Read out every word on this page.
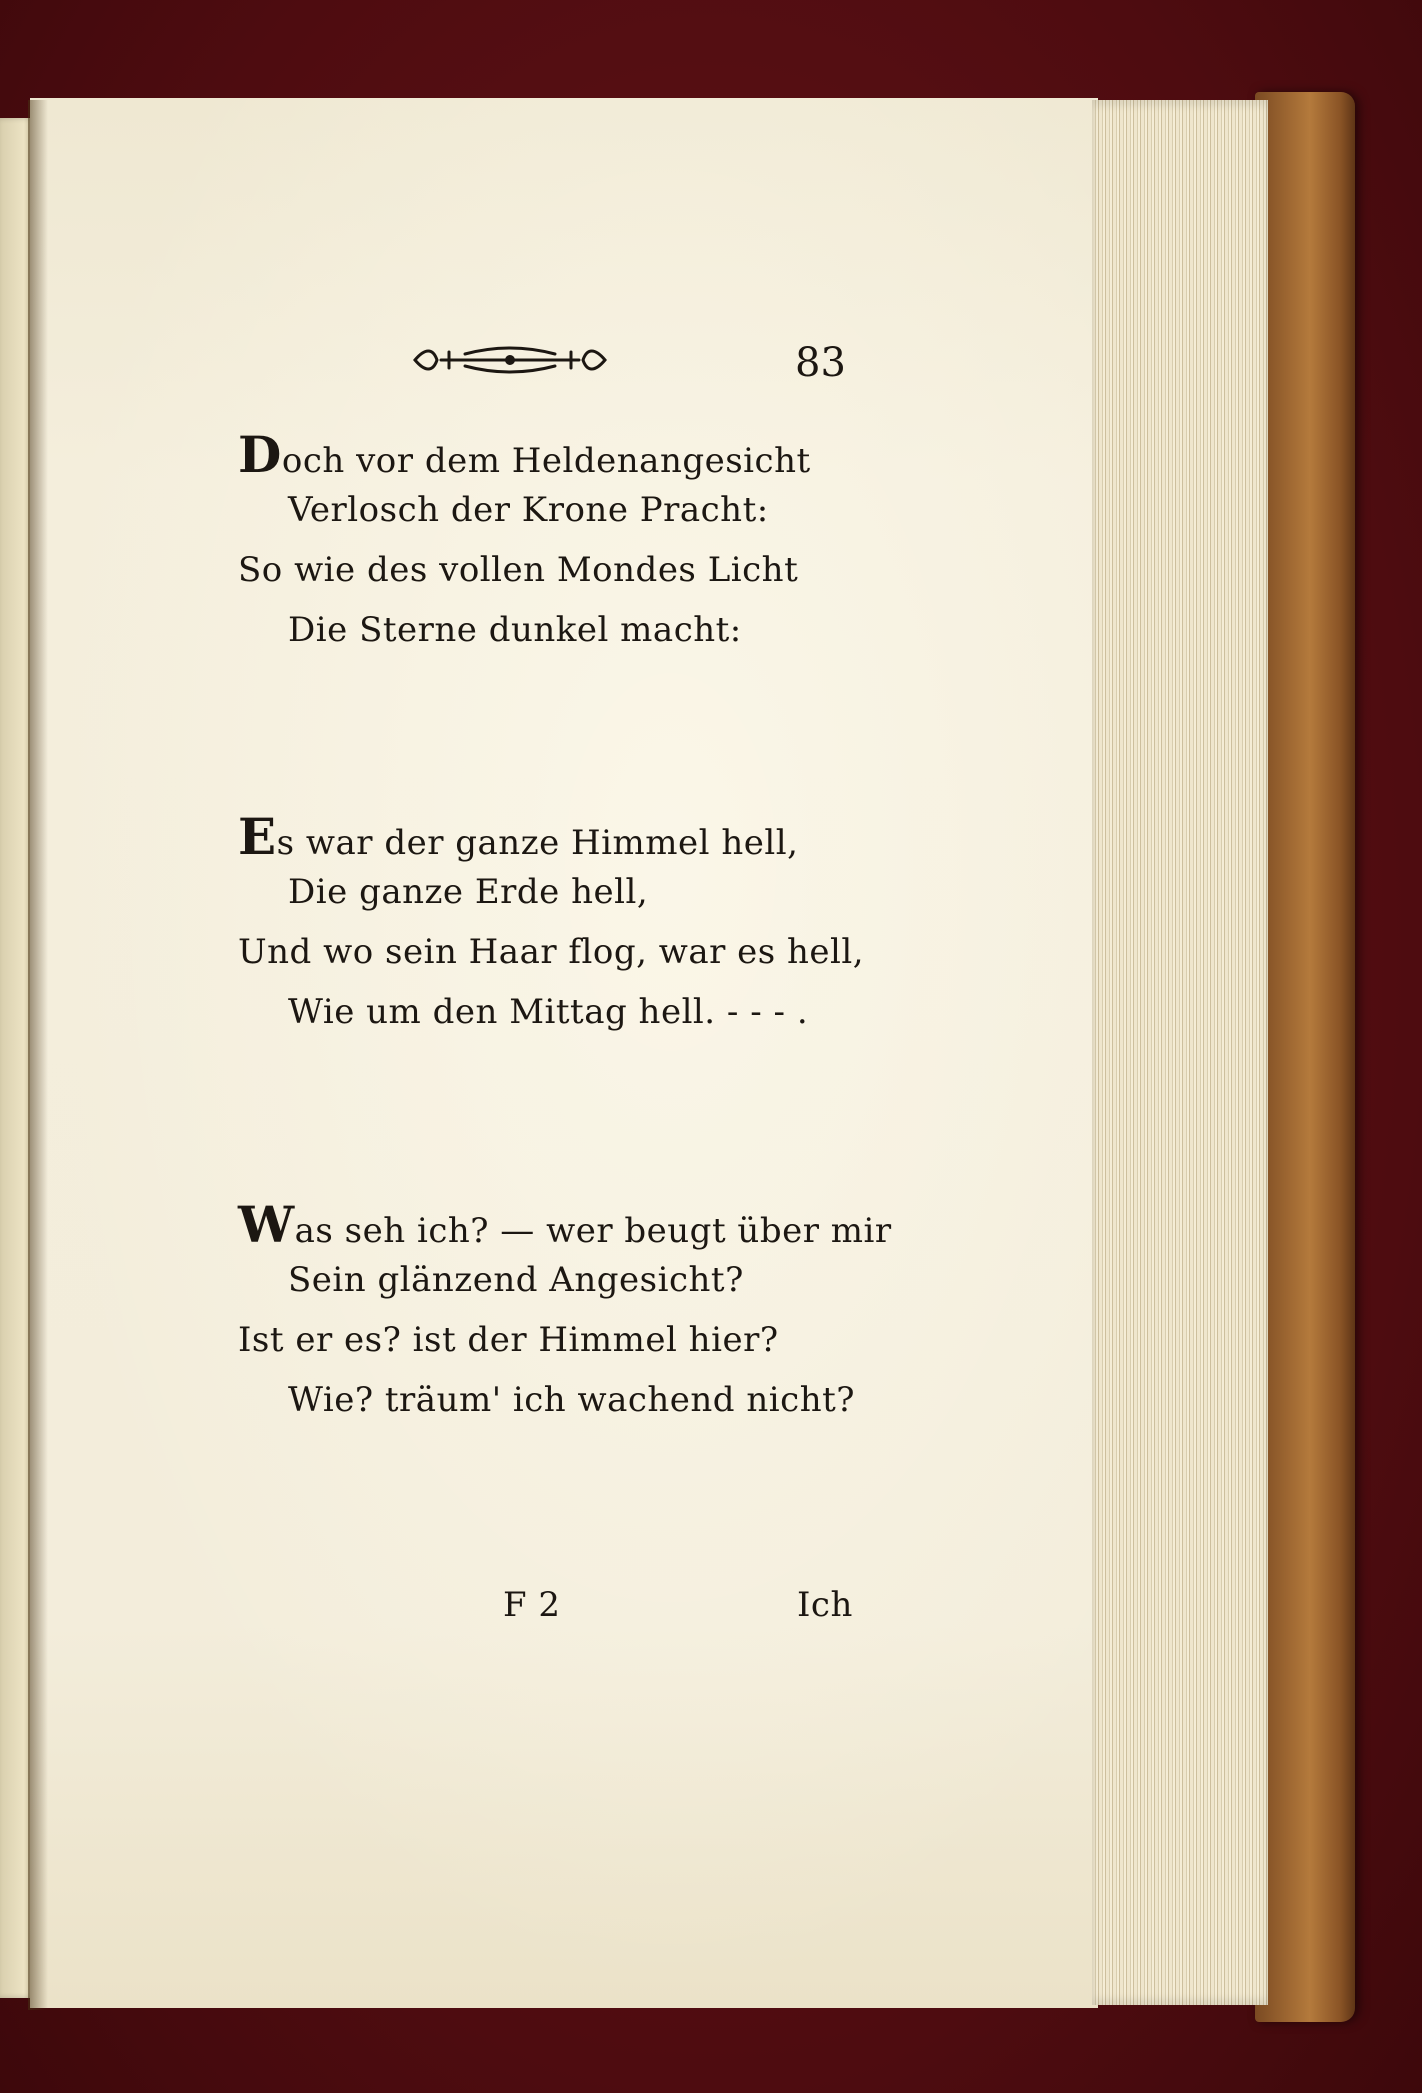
83
Doch vor dem Heldenangesicht
Verlosch der Krone Pracht:
So wie des vollen Mondes Licht
Die Sterne dunkel macht:
Es war der ganze Himmel hell,
Die ganze Erde hell,
Und wo sein Haar flog, war es hell,
Wie um den Mittag hell. - - - .
Was seh ich? — wer beugt über mir
Sein glänzend Angesicht?
Ist er es? ist der Himmel hier?
Wie? träum' ich wachend nicht?
F 2	Ich
